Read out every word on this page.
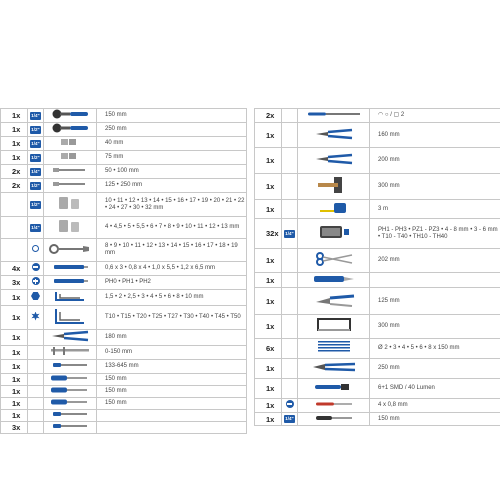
1x	1/4"		150 mm
1x	1/2"		250 mm
1x	1/4"		40 mm
1x	1/2"		75 mm
2x	1/4"		50 • 100 mm
2x	1/2"		125 • 250 mm
	1/2"		10 • 11 • 12 • 13 • 14 • 15 • 16 • 17 • 19 • 20 • 21 • 22 • 24 • 27 • 30 • 32 mm
	1/4"		4 • 4,5 • 5 • 5,5 • 6 • 7 • 8 • 9 • 10 • 11 • 12 • 13 mm
			8 • 9 • 10 • 11 • 12 • 13 • 14 • 15 • 16 • 17 • 18 • 19 mm
4x			0,6 x 3 • 0,8 x 4 • 1,0 x 5,5 • 1,2 x 6,5 mm
3x			PH0 • PH1 • PH2
1x			1,5 • 2 • 2,5 • 3 • 4 • 5 • 6 • 8 • 10 mm
1x			T10 • T15 • T20 • T25 • T27 • T30 • T40 • T45 • T50
1x			180 mm
1x			0-150 mm
1x			133-645 mm
1x			150 mm
1x			150 mm
1x			150 mm
1x			
3x			
2x			◠ ○ / ▢ 2
1x			160 mm
1x			200 mm
1x			300 mm
1x			3 m
32x	1/4"		PH1 - PH3 • PZ1 - PZ3 • 4 - 8 mm • 3 - 6 mm • T10 - T40 • TH10 - TH40
1x			202 mm
1x			
1x			125 mm
1x			300 mm
6x			Ø 2 • 3 • 4 • 5 • 6 • 8 x 150 mm
1x			250 mm
1x			6+1 SMD / 40 Lumen
1x			4 x 0,8 mm
1x	1/4"		150 mm
